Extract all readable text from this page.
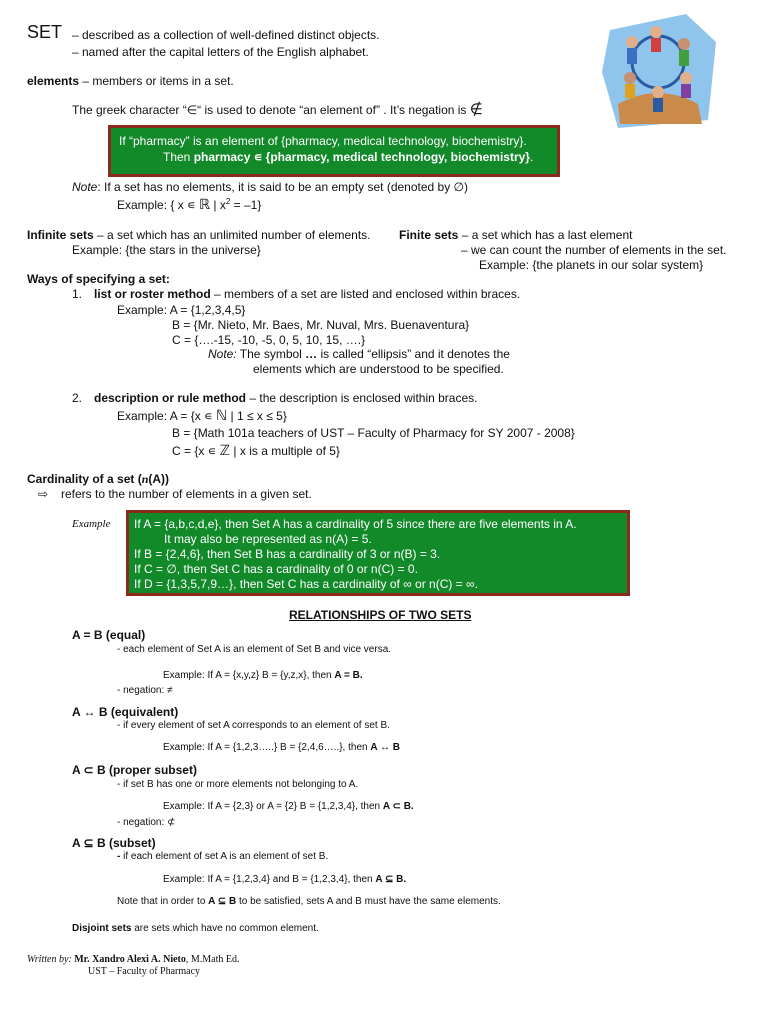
SET – described as a collection of well-defined distinct objects.
– named after the capital letters of the English alphabet.
elements – members or items in a set.
The greek character “∈“ is used to denote “an element of” . It’s negation is ∉
If “pharmacy” is an element of {pharmacy, medical technology, biochemistry}.
Then pharmacy ∊ {pharmacy, medical technology, biochemistry}.
Note: If a set has no elements, it is said to be an empty set (denoted by ∅)
Example: { x ∊ ℝ | $x^2 = -1$}
Infinite sets – a set which has an unlimited number of elements.
Example: {the stars in the universe}
Finite sets – a set which has a last element
– we can count the number of elements in the set.
Example: {the planets in our solar system}
Ways of specifying a set:
1. list or roster method – members of a set are listed and enclosed within braces.
Example: A = {1,2,3,4,5}
B = {Mr. Nieto, Mr. Baes, Mr. Nuval, Mrs. Buenaventura}
C = {….-15, -10, -5, 0, 5, 10, 15, ….}
Note: The symbol … is called “ellipsis” and it denotes the
elements which are understood to be specified.
2. description or rule method – the description is enclosed within braces.
Example: A = {x ∊ ℕ | 1 ≤ x ≤ 5}
B = {Math 101a teachers of UST – Faculty of Pharmacy for SY 2007 - 2008}
C = {x ∊ ℤ | x is a multiple of 5}
Cardinality of a set (n(A))
⇨ refers to the number of elements in a given set.
Example If A = {a,b,c,d,e}, then Set A has a cardinality of 5 since there are five elements in A.
It may also be represented as n(A) = 5.
If B = {2,4,6}, then Set B has a cardinality of 3 or n(B) = 3.
If C = ∅, then Set C has a cardinality of 0 or n(C) = 0.
If D = {1,3,5,7,9…}, then Set C has a cardinality of ∞ or n(C) = ∞.
RELATIONSHIPS OF TWO SETS
A = B (equal)
- each element of Set A is an element of Set B and vice versa.
Example: If A = {x,y,z} B = {y,z,x}, then A = B.
- negation: ≠
A ↔ B (equivalent)
- if every element of set A corresponds to an element of set B.
Example: If A = {1,2,3…..} B = {2,4,6…..}, then A ↔ B
A ⊂ B (proper subset)
- if set B has one or more elements not belonging to A.
Example: If A = {2,3} or A = {2} B = {1,2,3,4}, then A ⊂ B.
- negation: ⊄
A ⊆ B (subset)
- if each element of set A is an element of set B.
Example: If A = {1,2,3,4} and B = {1,2,3,4}, then A ⊆ B.
Note that in order to A ⊆ B to be satisfied, sets A and B must have the same elements.
Disjoint sets are sets which have no common element.
Written by: Mr. Xandro Alexi A. Nieto, M.Math Ed.
UST – Faculty of Pharmacy
